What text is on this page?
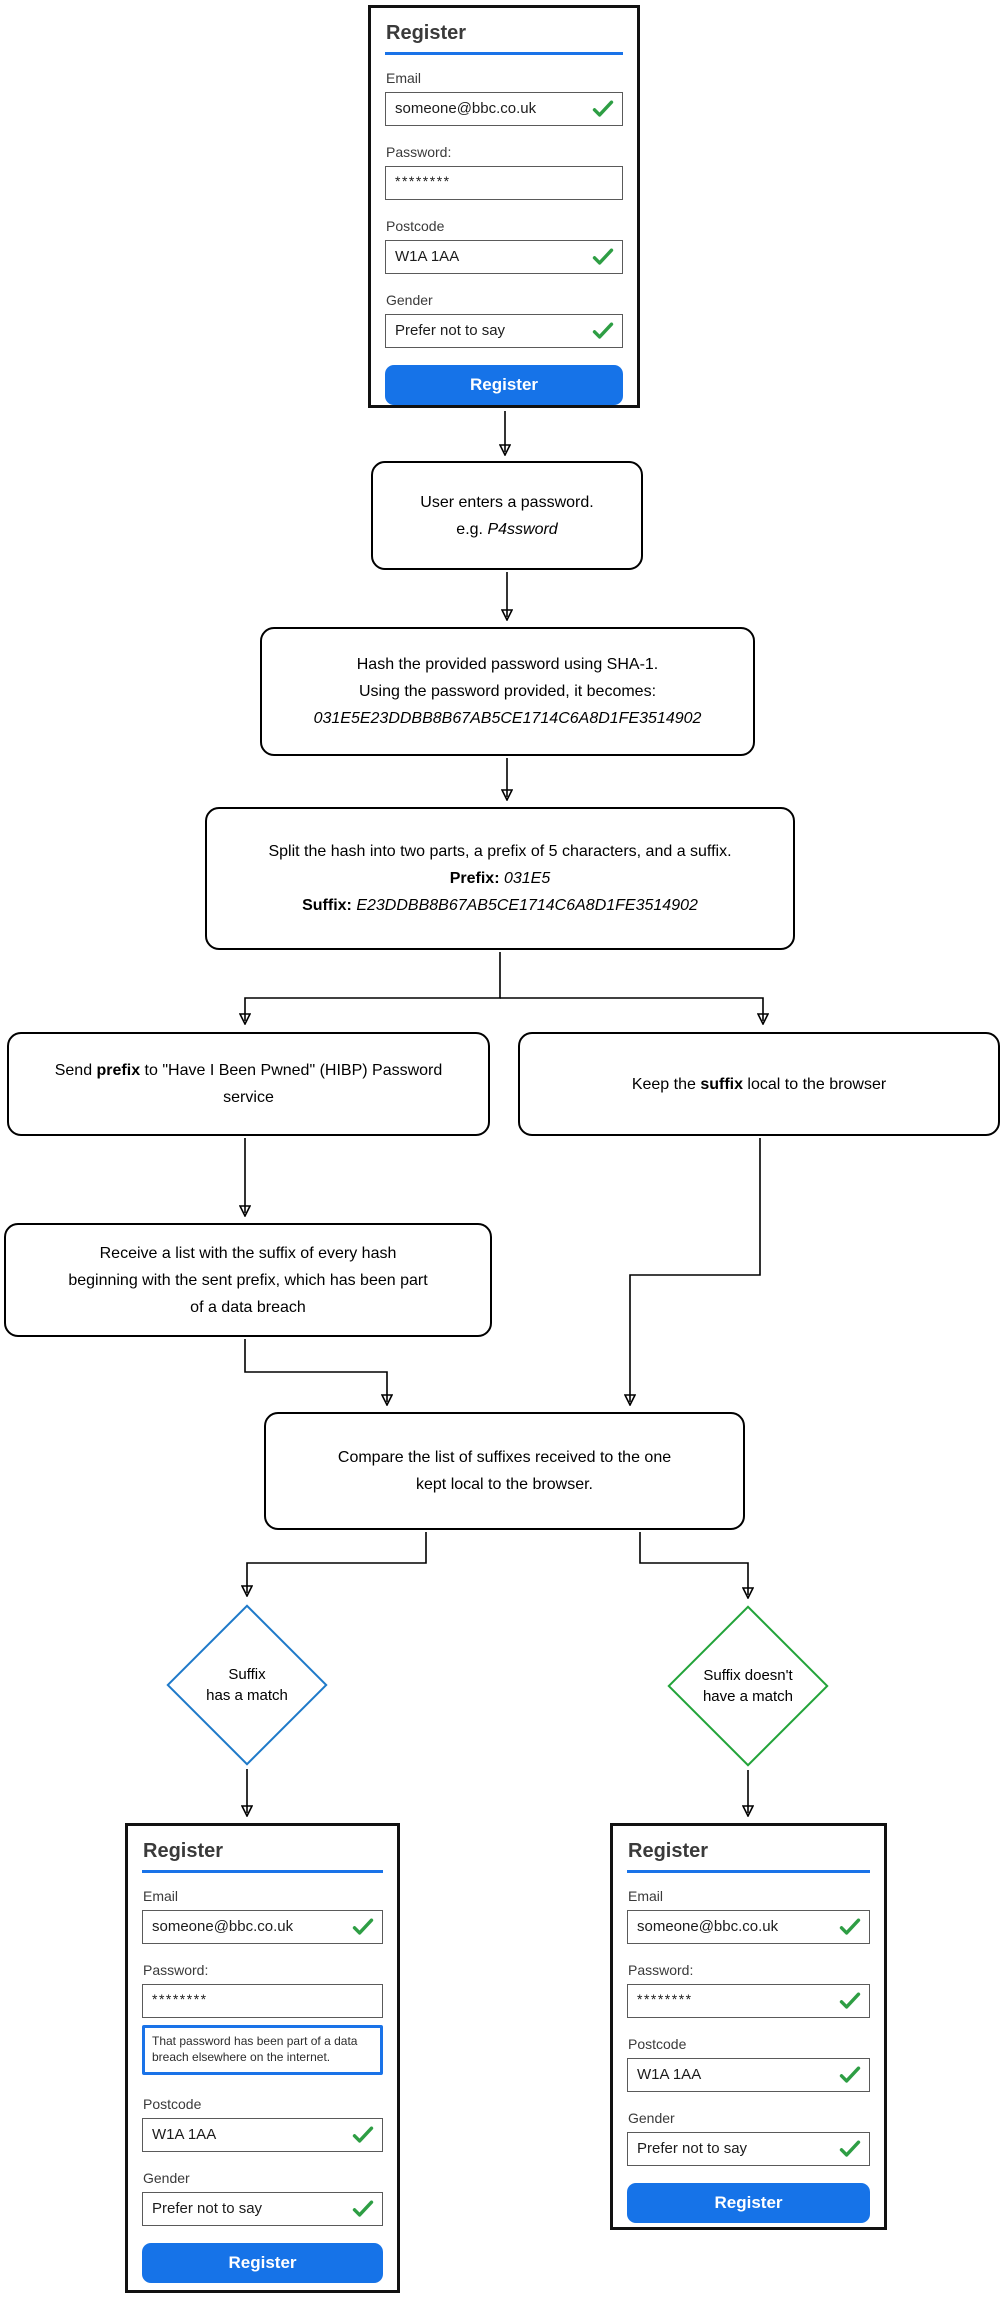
Register
Email
someone@bbc.co.uk
Password:
********
Postcode
W1A 1AA
Gender
Prefer not to say
Register
User enters a password.
e.g. P4ssword
Hash the provided password using SHA-1.
Using the password provided, it becomes:
031E5E23DDBB8B67AB5CE1714C6A8D1FE3514902
Split the hash into two parts, a prefix of 5 characters, and a suffix.
Prefix: 031E5
Suffix: E23DDBB8B67AB5CE1714C6A8D1FE3514902
Send prefix to "Have I Been Pwned" (HIBP) Password service
Keep the suffix local to the browser
Receive a list with the suffix of every hash beginning with the sent prefix, which has been part of a data breach
Compare the list of suffixes received to the one kept local to the browser.
Suffix
has a match
Suffix doesn't
have a match
Register
Email
someone@bbc.co.uk
Password:
********
That password has been part of a data breach elsewhere on the internet.
Postcode
W1A 1AA
Gender
Prefer not to say
Register
Register
Email
someone@bbc.co.uk
Password:
********
Postcode
W1A 1AA
Gender
Prefer not to say
Register
